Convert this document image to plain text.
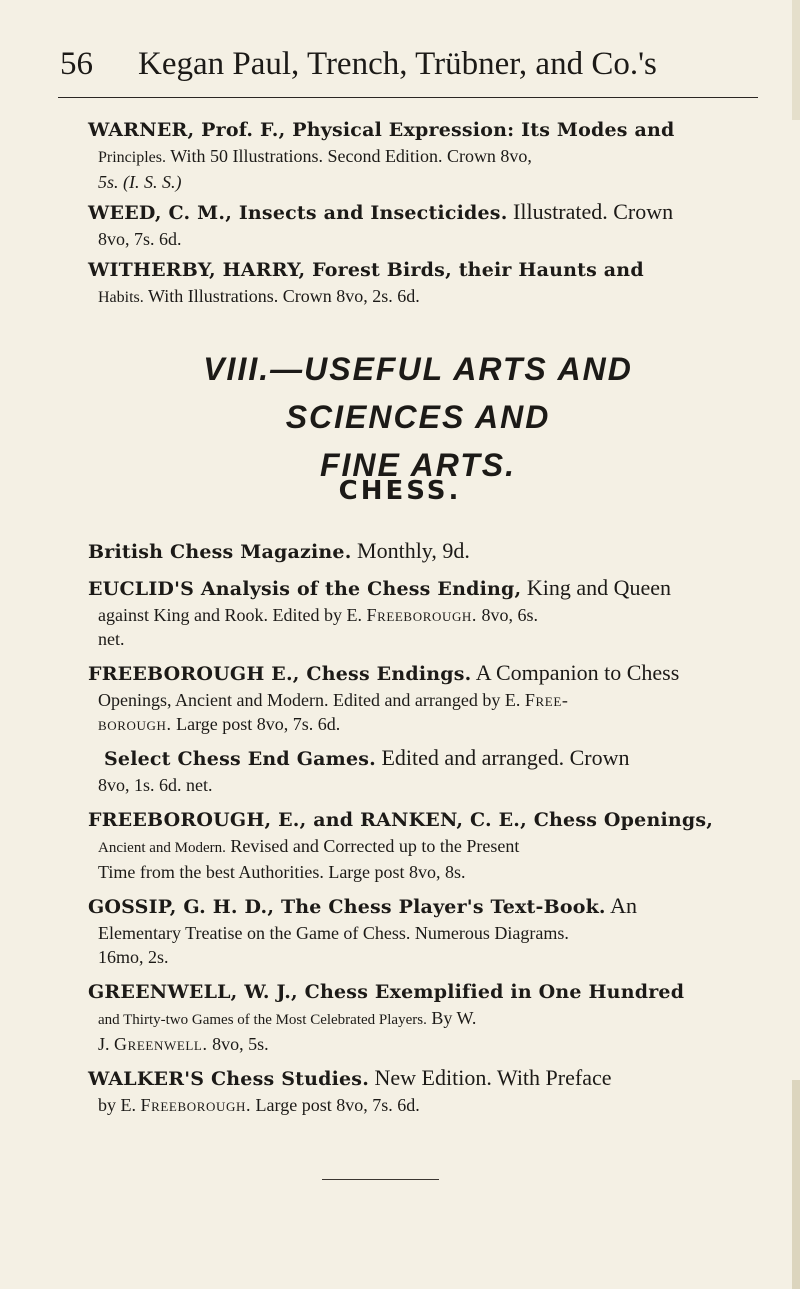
56 Kegan Paul, Trench, Trübner, and Co.'s
WARNER, Prof. F., Physical Expression: Its Modes and
Principles. With 50 Illustrations. Second Edition. Crown 8vo,
5s. (I. S. S.)
WEED, C. M., Insects and Insecticides. Illustrated. Crown
8vo, 7s. 6d.
WITHERBY, HARRY, Forest Birds, their Haunts and
Habits. With Illustrations. Crown 8vo, 2s. 6d.
VIII.—USEFUL ARTS AND SCIENCES AND
FINE ARTS.
CHESS.
British Chess Magazine. Monthly, 9d.
EUCLID'S Analysis of the Chess Ending, King and Queen
against King and Rook. Edited by E. Freeborough. 8vo, 6s.
net.
FREEBOROUGH E., Chess Endings. A Companion to Chess
Openings, Ancient and Modern. Edited and arranged by E. Free-
borough. Large post 8vo, 7s. 6d.
Select Chess End Games. Edited and arranged. Crown
8vo, 1s. 6d. net.
FREEBOROUGH, E., and RANKEN, C. E., Chess Openings,
Ancient and Modern. Revised and Corrected up to the Present
Time from the best Authorities. Large post 8vo, 8s.
GOSSIP, G. H. D., The Chess Player's Text-Book. An
Elementary Treatise on the Game of Chess. Numerous Diagrams.
16mo, 2s.
GREENWELL, W. J., Chess Exemplified in One Hundred
and Thirty-two Games of the Most Celebrated Players. By W.
J. Greenwell. 8vo, 5s.
WALKER'S Chess Studies. New Edition. With Preface
by E. Freeborough. Large post 8vo, 7s. 6d.
